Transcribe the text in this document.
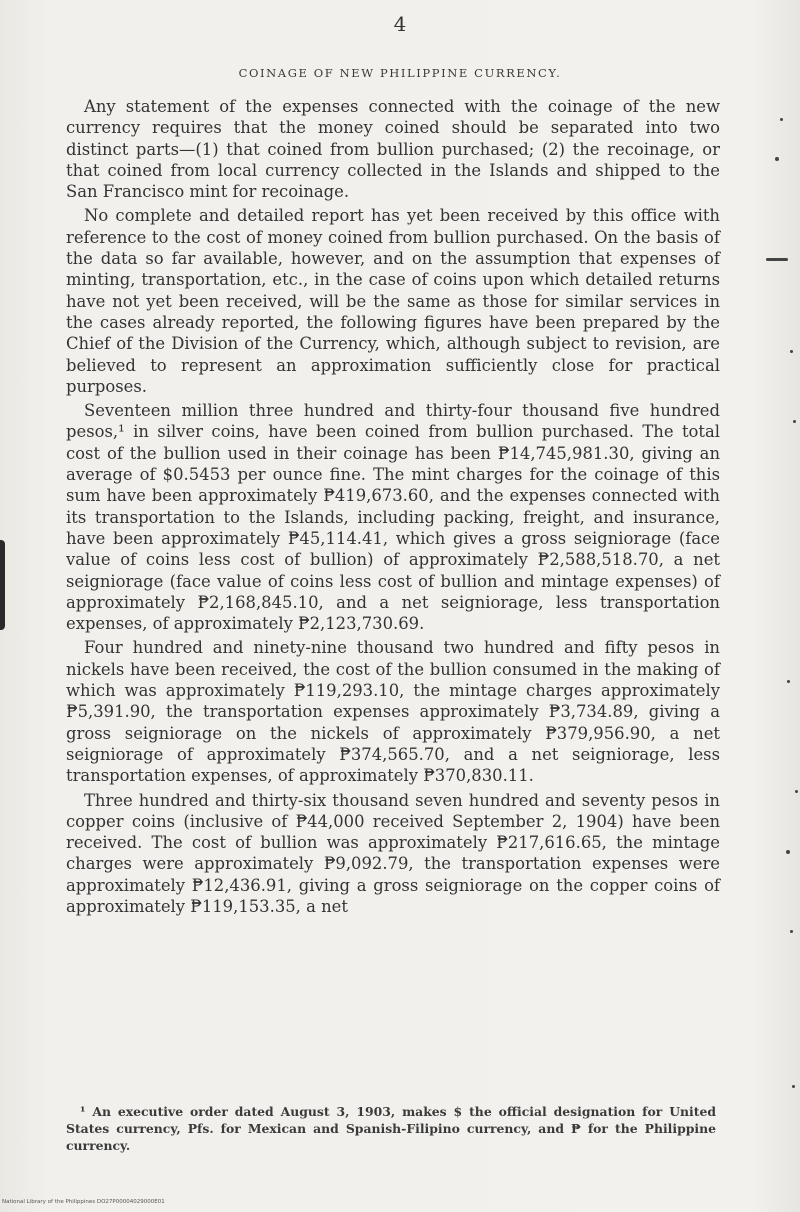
4
COINAGE OF NEW PHILIPPINE CURRENCY.

Any statement of the expenses connected with the coinage of the new currency requires that the money coined should be separated into two distinct parts—(1) that coined from bullion purchased; (2) the recoinage, or that coined from local currency collected in the Islands and shipped to the San Francisco mint for recoinage.

No complete and detailed report has yet been received by this office with reference to the cost of money coined from bullion purchased. On the basis of the data so far available, however, and on the assumption that expenses of minting, transportation, etc., in the case of coins upon which detailed returns have not yet been received, will be the same as those for similar services in the cases already reported, the following figures have been prepared by the Chief of the Division of the Currency, which, although subject to revision, are believed to represent an approximation sufficiently close for practical purposes.

Seventeen million three hundred and thirty-four thousand five hundred pesos,¹ in silver coins, have been coined from bullion purchased. The total cost of the bullion used in their coinage has been ₱14,745,981.30, giving an average of $0.5453 per ounce fine. The mint charges for the coinage of this sum have been approximately ₱419,673.60, and the expenses connected with its transportation to the Islands, including packing, freight, and insurance, have been approximately ₱45,114.41, which gives a gross seigniorage (face value of coins less cost of bullion) of approximately ₱2,588,518.70, a net seigniorage (face value of coins less cost of bullion and mintage expenses) of approximately ₱2,168,845.10, and a net seigniorage, less transportation expenses, of approximately ₱2,123,730.69.

Four hundred and ninety-nine thousand two hundred and fifty pesos in nickels have been received, the cost of the bullion consumed in the making of which was approximately ₱119,293.10, the mintage charges approximately ₱5,391.90, the transportation expenses approximately ₱3,734.89, giving a gross seigniorage on the nickels of approximately ₱379,956.90, a net seigniorage of approximately ₱374,565.70, and a net seigniorage, less transportation expenses, of approximately ₱370,830.11.

Three hundred and thirty-six thousand seven hundred and seventy pesos in copper coins (inclusive of ₱44,000 received September 2, 1904) have been received. The cost of bullion was approximately ₱217,616.65, the mintage charges were approximately ₱9,092.79, the transportation expenses were approximately ₱12,436.91, giving a gross seigniorage on the copper coins of approximately ₱119,153.35, a net

¹ An executive order dated August 3, 1903, makes $ the official designation for United States currency, Pfs. for Mexican and Spanish-Filipino currency, and ₱ for the Philippine currency.
National Library of the Philippines DO27P00004029000E01
